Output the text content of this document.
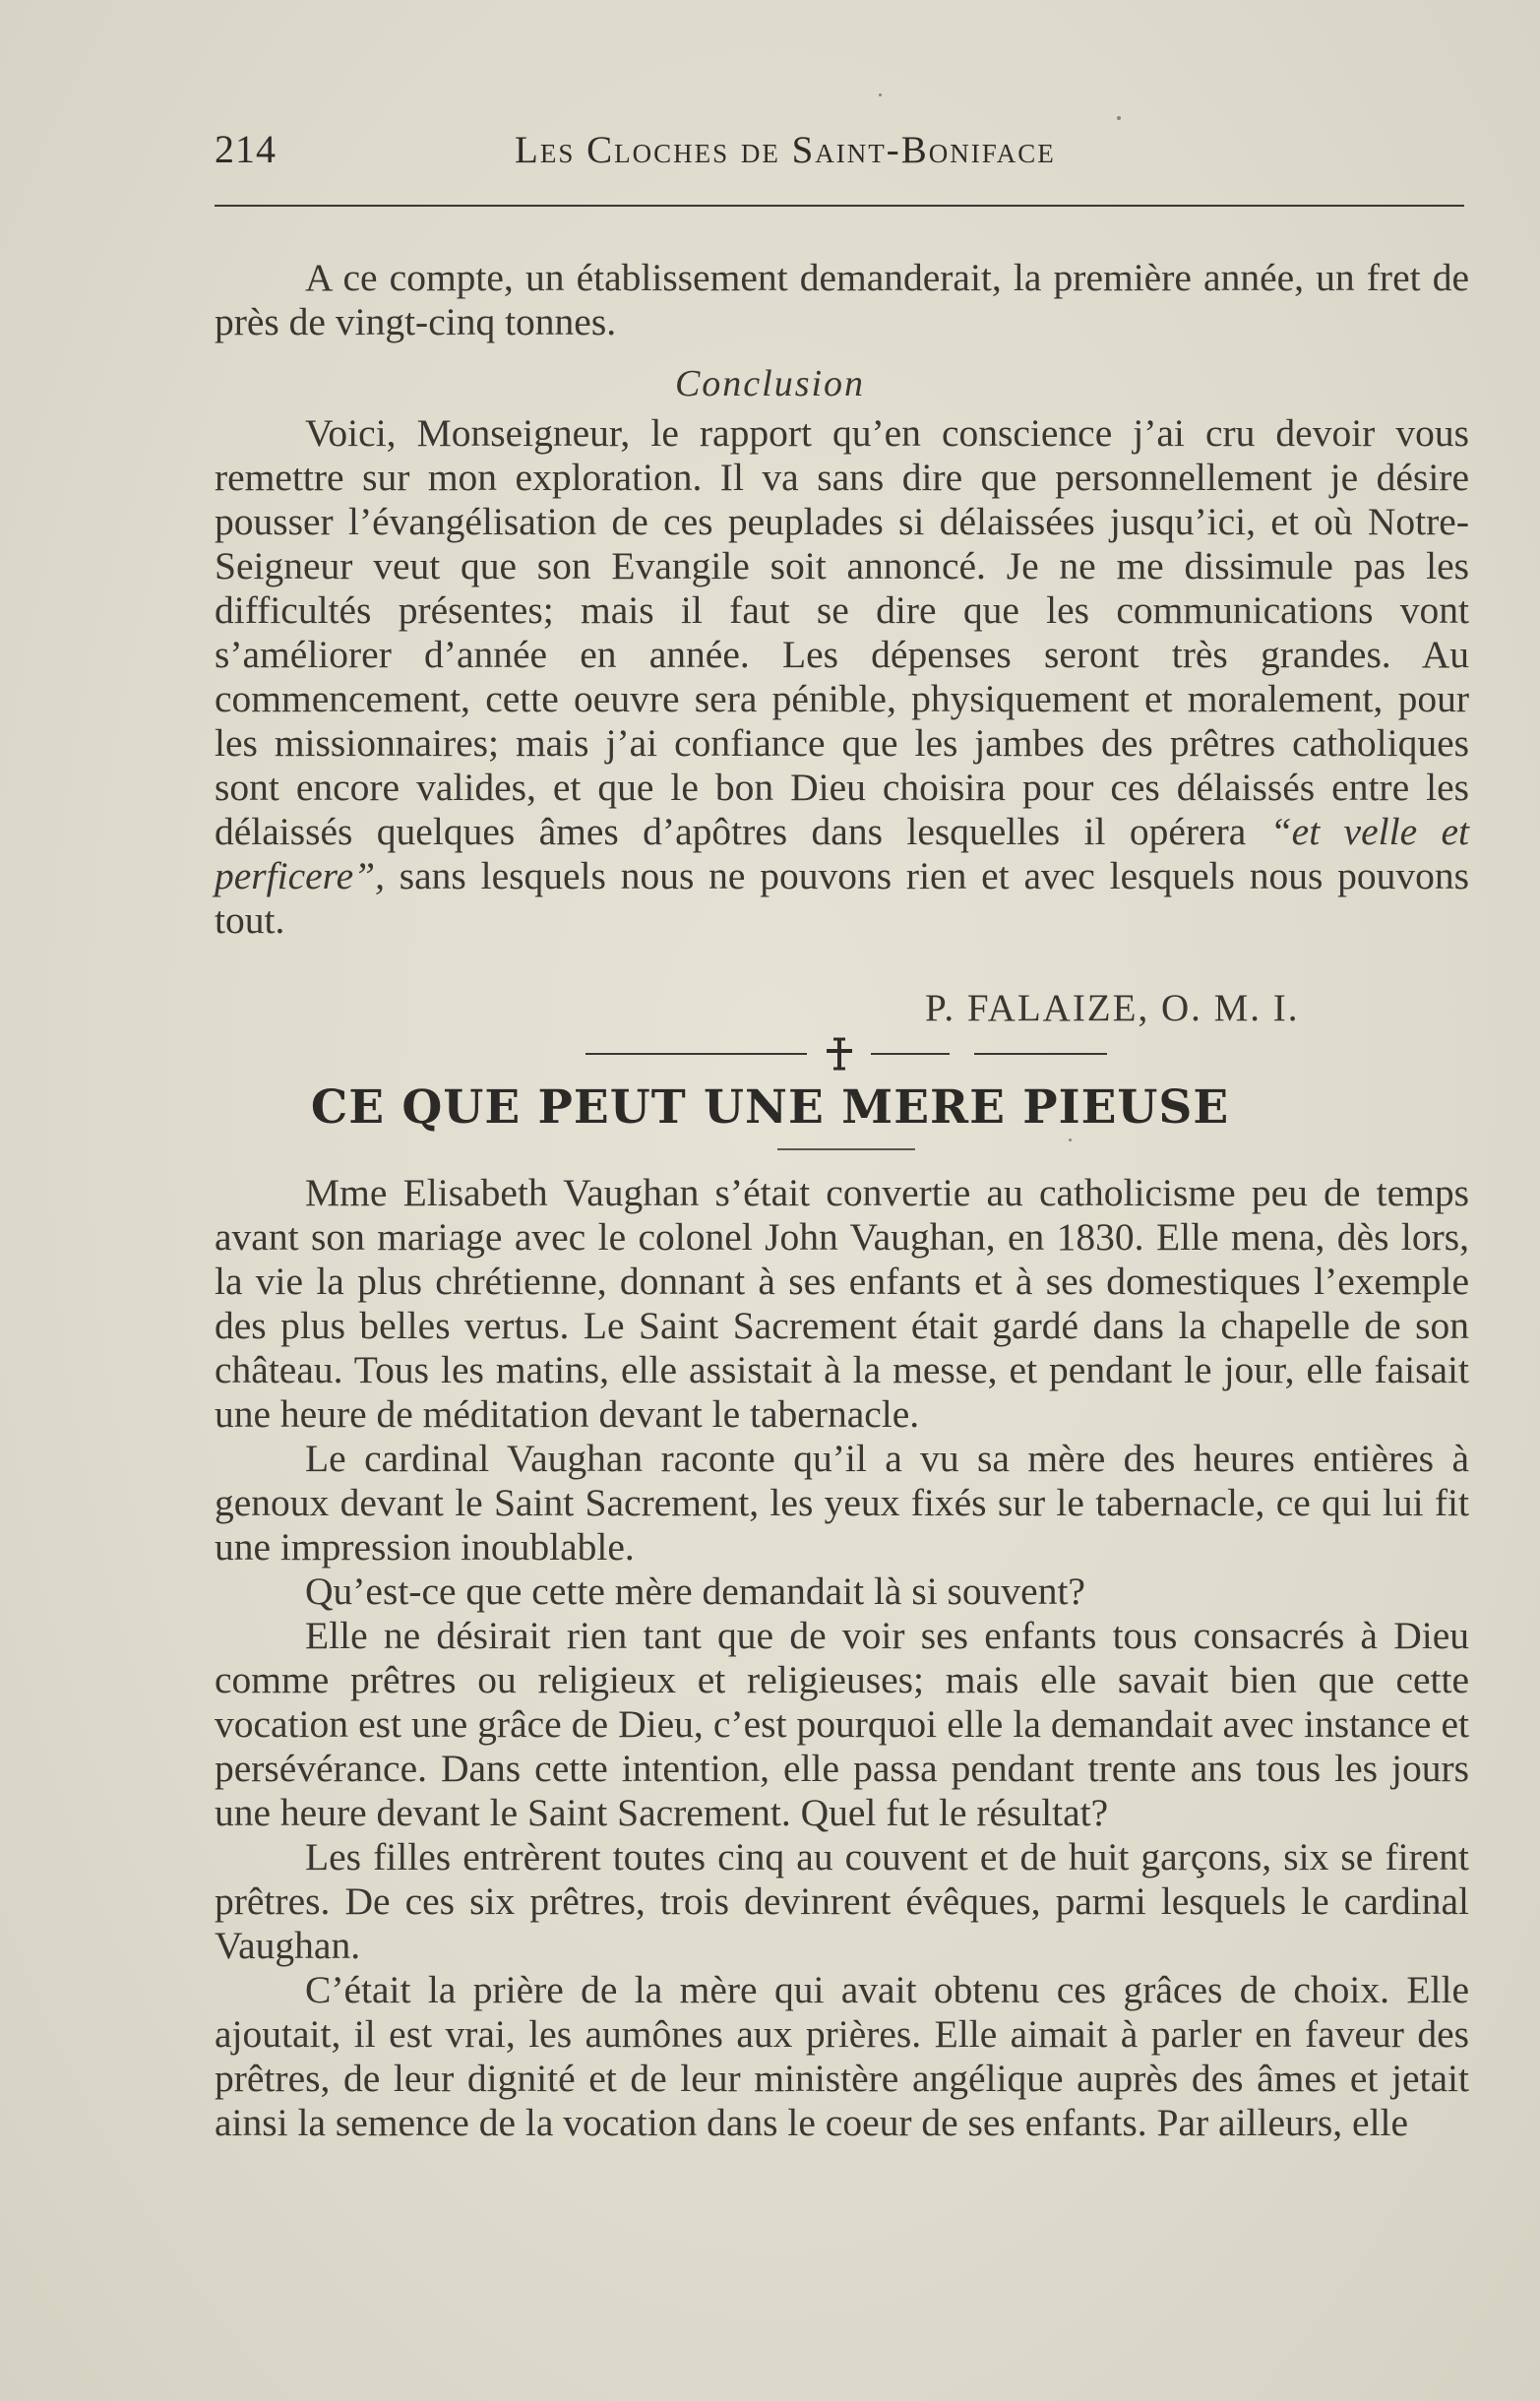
214	Les Cloches de Saint-Boniface

A ce compte, un établissement demanderait, la première année, un fret de près de vingt-cinq tonnes.

Conclusion

Voici, Monseigneur, le rapport qu’en conscience j’ai cru devoir vous remettre sur mon exploration. Il va sans dire que personnellement je désire pousser l’évangélisation de ces peuplades si délaissées jusqu’ici, et où Notre-Seigneur veut que son Evangile soit annoncé. Je ne me dissimule pas les difficultés présentes; mais il faut se dire que les communications vont s’améliorer d’année en année. Les dépenses seront très grandes. Au commencement, cette oeuvre sera pénible, physiquement et moralement, pour les missionnaires; mais j’ai confiance que les jambes des prêtres catholiques sont encore valides, et que le bon Dieu choisira pour ces délaissés entre les délaissés quelques âmes d’apôtres dans lesquelles il opérera “et velle et perficere”, sans lesquels nous ne pouvons rien et avec lesquels nous pouvons tout.

P. FALAIZE, O. M. I.
CE QUE PEUT UNE MERE PIEUSE

Mme Elisabeth Vaughan s’était convertie au catholicisme peu de temps avant son mariage avec le colonel John Vaughan, en 1830. Elle mena, dès lors, la vie la plus chrétienne, donnant à ses enfants et à ses domestiques l’exemple des plus belles vertus. Le Saint Sacrement était gardé dans la chapelle de son château. Tous les matins, elle assistait à la messe, et pendant le jour, elle faisait une heure de méditation devant le tabernacle.

Le cardinal Vaughan raconte qu’il a vu sa mère des heures entières à genoux devant le Saint Sacrement, les yeux fixés sur le tabernacle, ce qui lui fit une impression inoublable.

Qu’est-ce que cette mère demandait là si souvent?

Elle ne désirait rien tant que de voir ses enfants tous consacrés à Dieu comme prêtres ou religieux et religieuses; mais elle savait bien que cette vocation est une grâce de Dieu, c’est pourquoi elle la demandait avec instance et persévérance. Dans cette intention, elle passa pendant trente ans tous les jours une heure devant le Saint Sacrement. Quel fut le résultat?

Les filles entrèrent toutes cinq au couvent et de huit garçons, six se firent prêtres. De ces six prêtres, trois devinrent évêques, parmi lesquels le cardinal Vaughan.

C’était la prière de la mère qui avait obtenu ces grâces de choix. Elle ajoutait, il est vrai, les aumônes aux prières. Elle aimait à parler en faveur des prêtres, de leur dignité et de leur ministère angélique auprès des âmes et jetait ainsi la semence de la vocation dans le coeur de ses enfants. Par ailleurs, elle
